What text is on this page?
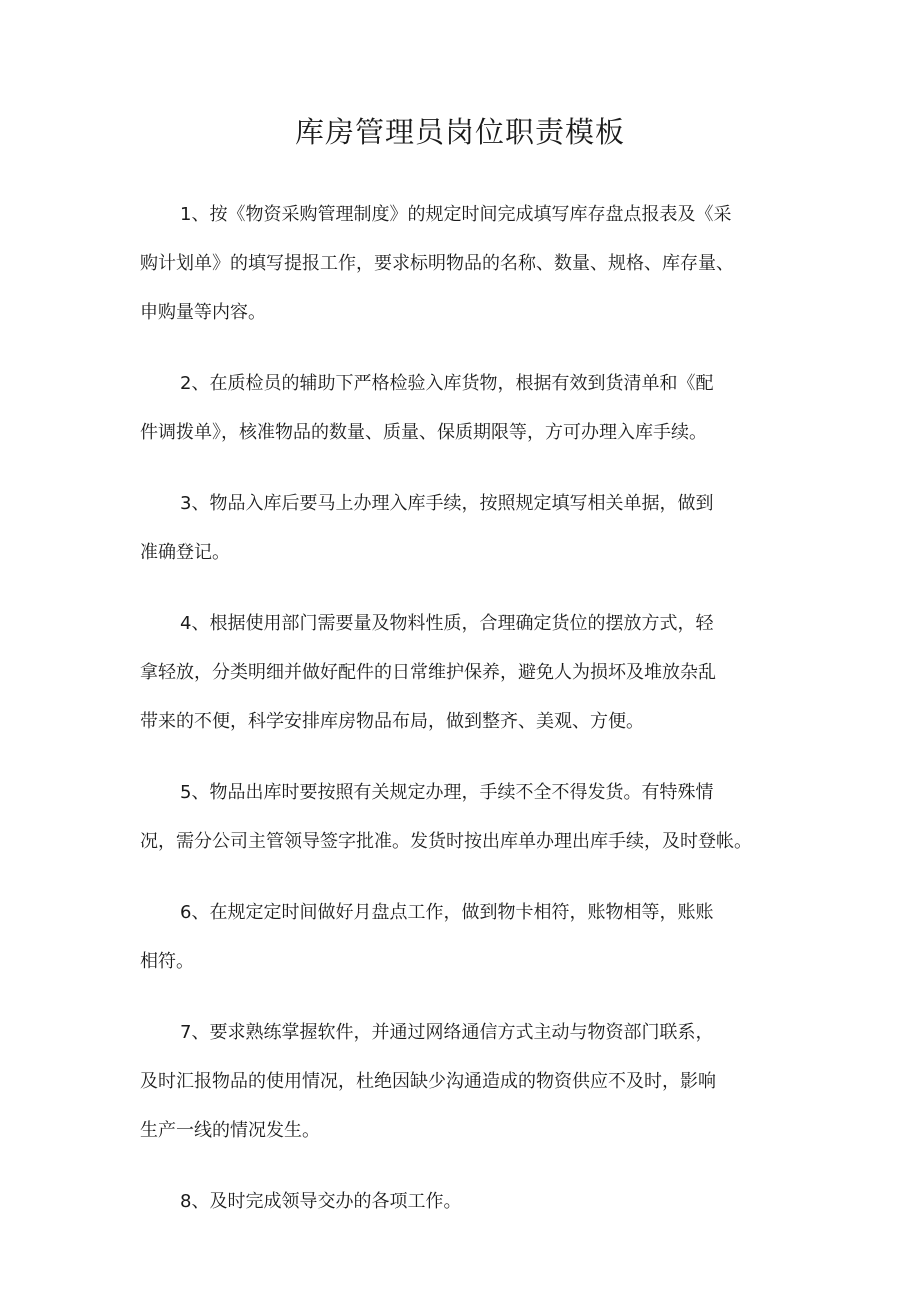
库房管理员岗位职责模板
1、按《物资采购管理制度》的规定时间完成填写库存盘点报表及《采
购计划单》的填写提报工作，要求标明物品的名称、数量、规格、库存量、
申购量等内容。
2、在质检员的辅助下严格检验入库货物，根据有效到货清单和《配
件调拨单》，核准物品的数量、质量、保质期限等，方可办理入库手续。
3、物品入库后要马上办理入库手续，按照规定填写相关单据，做到
准确登记。
4、根据使用部门需要量及物料性质，合理确定货位的摆放方式，轻
拿轻放，分类明细并做好配件的日常维护保养，避免人为损坏及堆放杂乱
带来的不便，科学安排库房物品布局，做到整齐、美观、方便。
5、物品出库时要按照有关规定办理，手续不全不得发货。有特殊情
况，需分公司主管领导签字批准。发货时按出库单办理出库手续，及时登帐。
6、在规定定时间做好月盘点工作，做到物卡相符，账物相等，账账
相符。
7、要求熟练掌握软件，并通过网络通信方式主动与物资部门联系，
及时汇报物品的使用情况，杜绝因缺少沟通造成的物资供应不及时，影响
生产一线的情况发生。
8、及时完成领导交办的各项工作。
